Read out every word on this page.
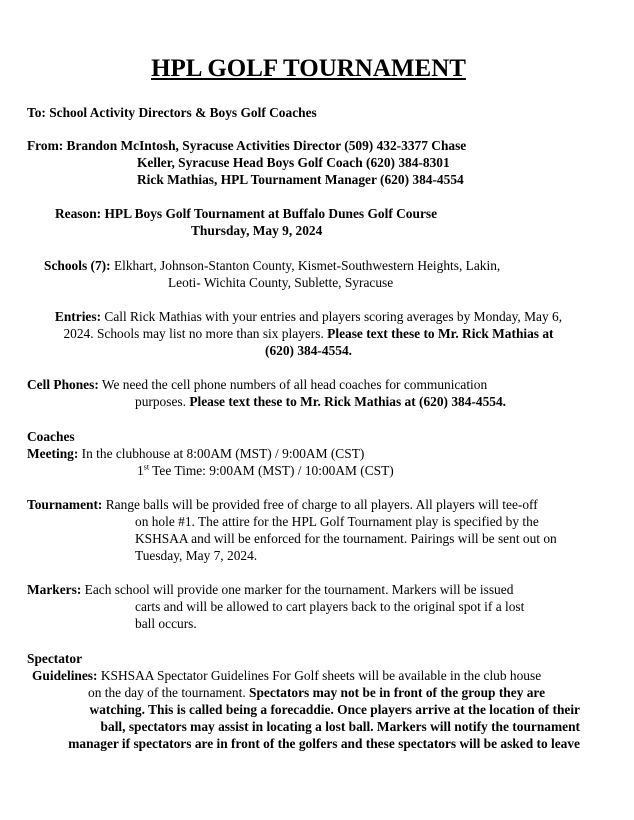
HPL GOLF TOURNAMENT
To: School Activity Directors & Boys Golf Coaches
From: Brandon McIntosh, Syracuse Activities Director (509) 432-3377 Chase
Keller, Syracuse Head Boys Golf Coach (620) 384-8301
Rick Mathias, HPL Tournament Manager (620) 384-4554
Reason: HPL Boys Golf Tournament at Buffalo Dunes Golf Course
Thursday, May 9, 2024
Schools (7): Elkhart, Johnson-Stanton County, Kismet-Southwestern Heights, Lakin,
Leoti- Wichita County, Sublette, Syracuse
Entries: Call Rick Mathias with your entries and players scoring averages by Monday, May 6,
2024. Schools may list no more than six players. Please text these to Mr. Rick Mathias at
(620) 384-4554.
Cell Phones: We need the cell phone numbers of all head coaches for communication
purposes. Please text these to Mr. Rick Mathias at (620) 384-4554.
Coaches
Meeting: In the clubhouse at 8:00AM (MST) / 9:00AM (CST)
1st Tee Time: 9:00AM (MST) / 10:00AM (CST)
Tournament: Range balls will be provided free of charge to all players. All players will tee-off
on hole #1. The attire for the HPL Golf Tournament play is specified by the
KSHSAA and will be enforced for the tournament. Pairings will be sent out on
Tuesday, May 7, 2024.
Markers: Each school will provide one marker for the tournament. Markers will be issued
carts and will be allowed to cart players back to the original spot if a lost
ball occurs.
Spectator
Guidelines: KSHSAA Spectator Guidelines For Golf sheets will be available in the club house
on the day of the tournament. Spectators may not be in front of the group they are
watching. This is called being a forecaddie. Once players arrive at the location of their
ball, spectators may assist in locating a lost ball. Markers will notify the tournament
manager if spectators are in front of the golfers and these spectators will be asked to leave
